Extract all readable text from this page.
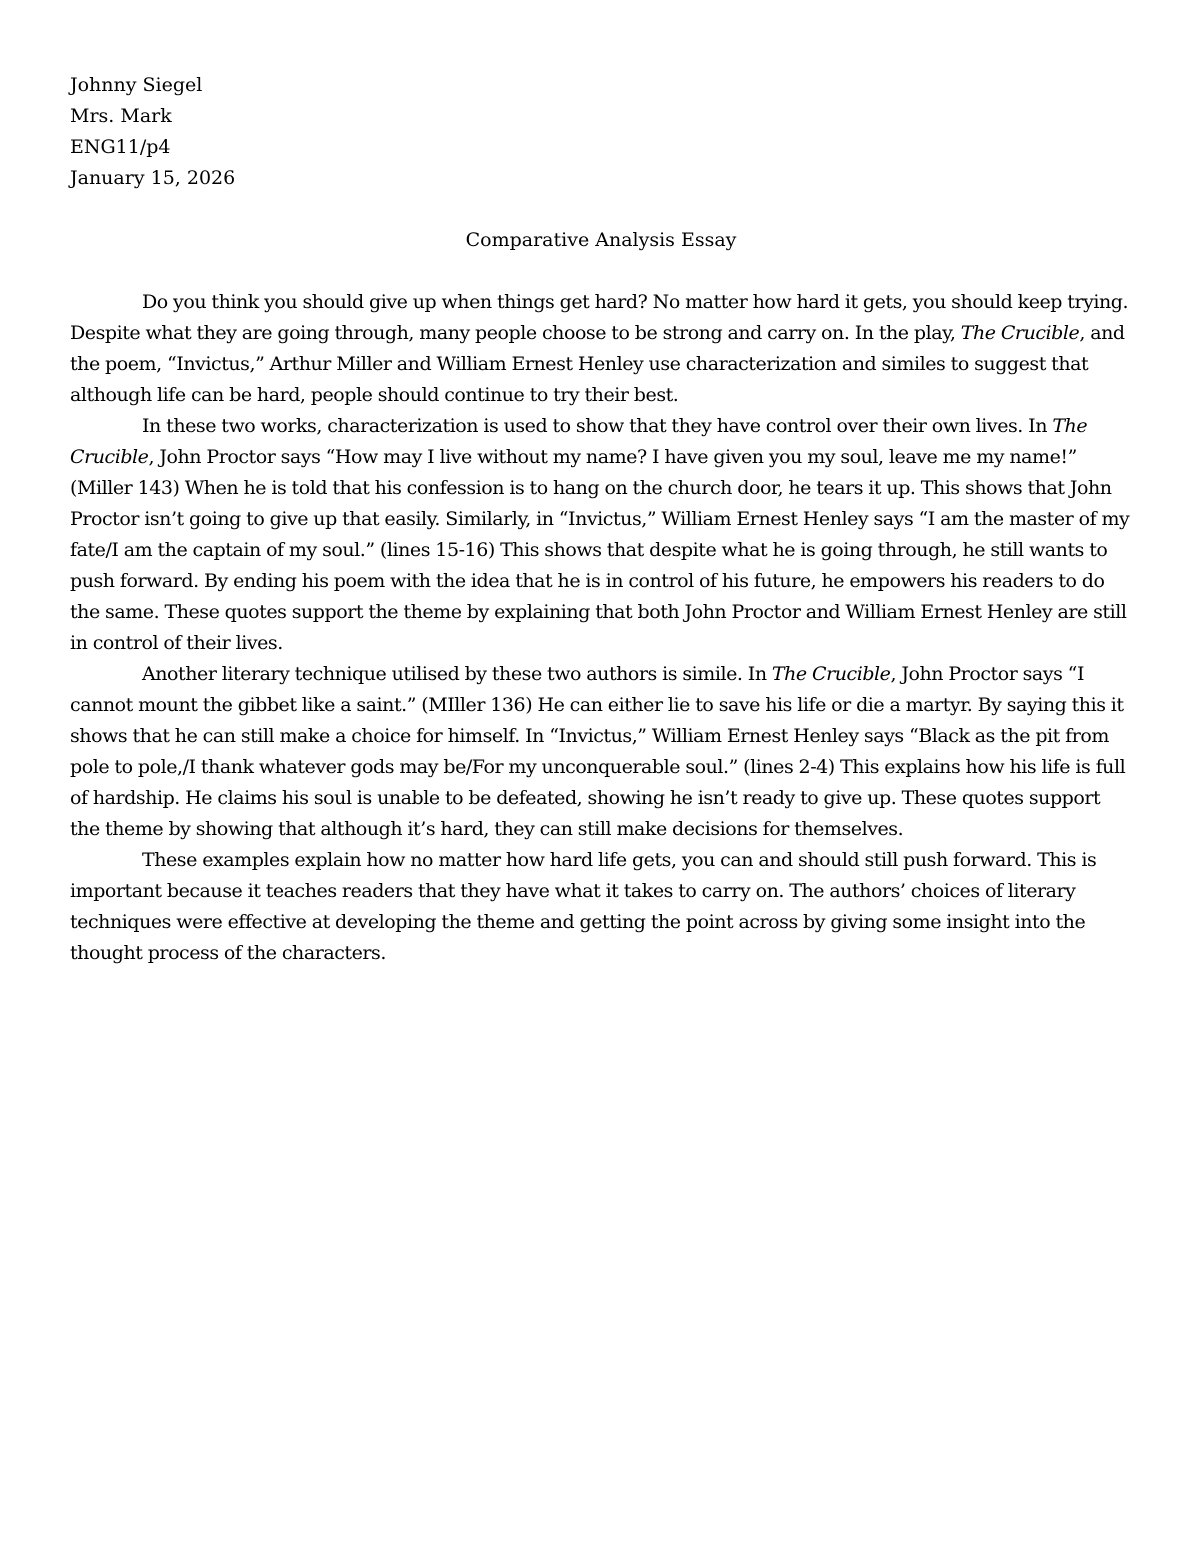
Johnny Siegel

Mrs. Mark

ENG11/p4

January 15, 2026

Comparative Analysis Essay

Do you think you should give up when things get hard? No matter how hard it gets, you should keep trying. Despite what they are going through, many people choose to be strong and carry on. In the play, The Crucible, and the poem, “Invictus,” Arthur Miller and William Ernest Henley use characterization and similes to suggest that although life can be hard, people should continue to try their best.

In these two works, characterization is used to show that they have control over their own lives. In The Crucible, John Proctor says “How may I live without my name? I have given you my soul, leave me my name!” (Miller 143) When he is told that his confession is to hang on the church door, he tears it up. This shows that John Proctor isn’t going to give up that easily. Similarly, in “Invictus,” William Ernest Henley says “I am the master of my fate/I am the captain of my soul.” (lines 15-16) This shows that despite what he is going through, he still wants to push forward. By ending his poem with the idea that he is in control of his future, he empowers his readers to do the same. These quotes support the theme by explaining that both John Proctor and William Ernest Henley are still in control of their lives.

Another literary technique utilised by these two authors is simile. In The Crucible, John Proctor says “I cannot mount the gibbet like a saint.” (MIller 136) He can either lie to save his life or die a martyr. By saying this it shows that he can still make a choice for himself. In “Invictus,” William Ernest Henley says “Black as the pit from pole to pole,/I thank whatever gods may be/For my unconquerable soul.” (lines 2-4) This explains how his life is full of hardship. He claims his soul is unable to be defeated, showing he isn’t ready to give up. These quotes support the theme by showing that although it’s hard, they can still make decisions for themselves.

These examples explain how no matter how hard life gets, you can and should still push forward. This is important because it teaches readers that they have what it takes to carry on. The authors’ choices of literary techniques were effective at developing the theme and getting the point across by giving some insight into the thought process of the characters.
